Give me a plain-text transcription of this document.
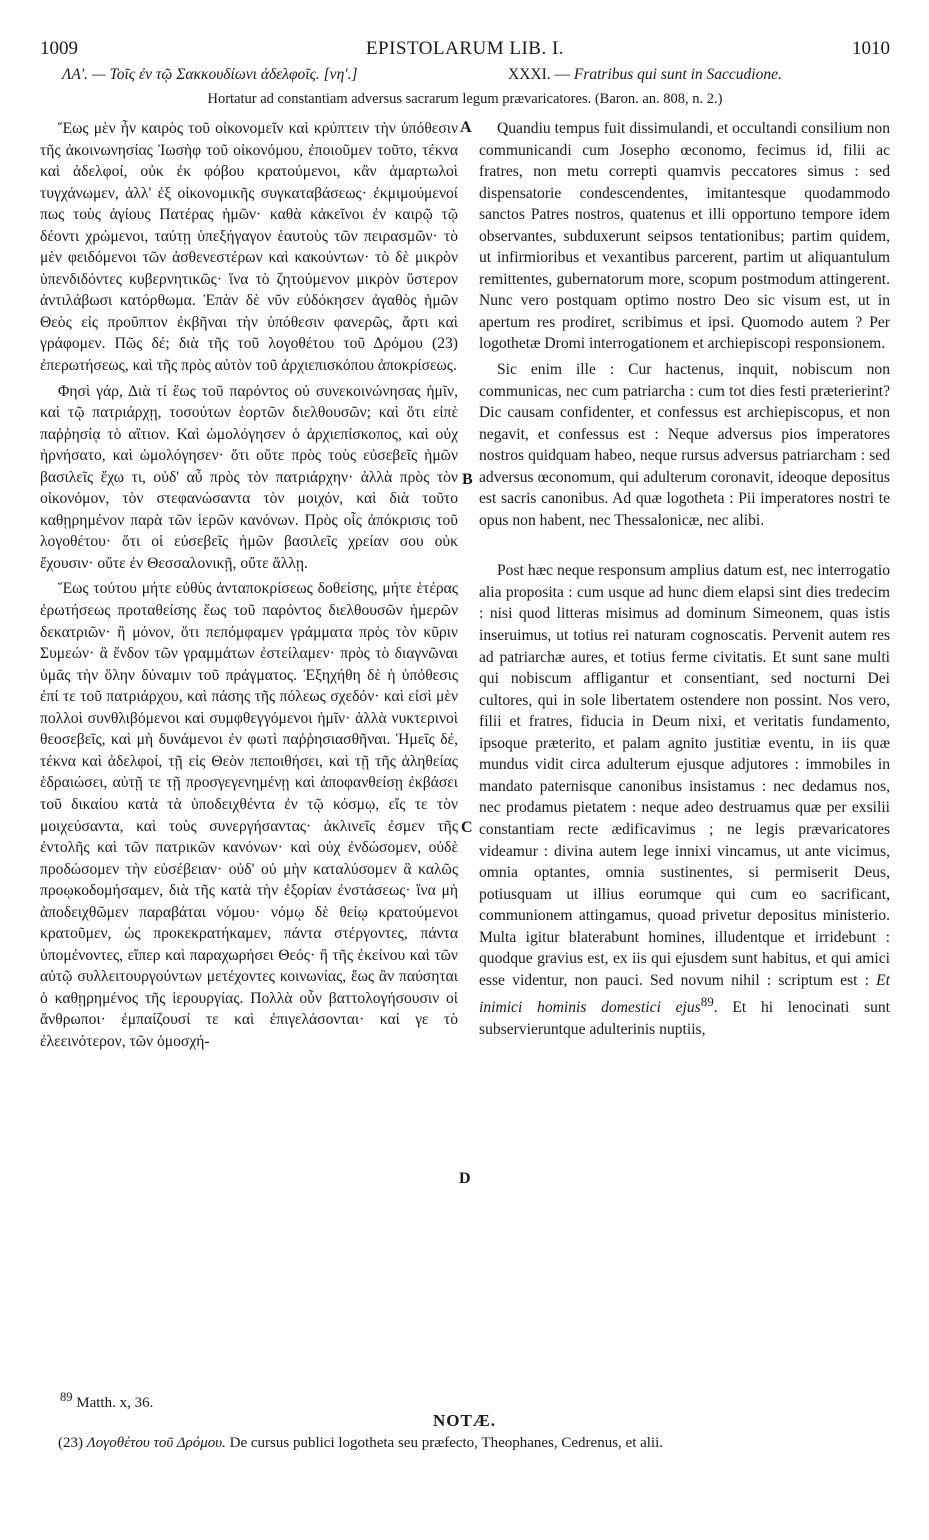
1009	EPISTOLARUM LIB. I.	1010
ΛΑ'. — Τοῖς ἐν τῷ Σακκουδίωνι ἀδελφοῖς. [νη'.]	XXXI. — Fratribus qui sunt in Saccudione.
Hortatur ad constantiam adversus sacrarum legum prævaricatores. (Baron. an. 808, n. 2.)

Ἕως μὲν ἦν καιρὸς τοῦ οἰκονομεῖν καὶ κρύπτειν τὴν ὑπόθεσιν τῆς ἀκοινωνησίας Ἰωσὴφ τοῦ οἰκονόμου, ἐποιοῦμεν τοῦτο, τέκνα καὶ ἀδελφοί, οὐκ ἐκ φόβου κρατούμενοι, κἂν ἁμαρτωλοὶ τυγχάνωμεν, ἀλλ' ἐξ οἰκονομικῆς συγκαταβάσεως· ἐκμιμούμενοί πως τοὺς ἁγίους Πατέρας ἡμῶν· καθὰ κἀκεῖνοι ἐν καιρῷ τῷ δέοντι χρώμενοι, ταύτῃ ὑπεξήγαγον ἑαυτοὺς τῶν πειρασμῶν· τὸ μὲν φειδόμενοι τῶν ἀσθενεστέρων καὶ κακούντων· τὸ δὲ μικρὸν ὑπενδιδόντες κυβερνητικῶς· ἵνα τὸ ζητούμενον μικρὸν ὕστερον ἀντιλάβωσι κατόρθωμα. Ἐπὰν δὲ νῦν εὐδόκησεν ἀγαθὸς ἡμῶν Θεὸς εἰς προῦπτον ἐκβῆναι τὴν ὑπόθεσιν φανερῶς, ἄρτι καὶ γράφομεν. Πῶς δέ; διὰ τῆς τοῦ λογοθέτου τοῦ Δρόμου (23) ἐπερωτήσεως, καὶ τῆς πρὸς αὐτὸν τοῦ ἀρχιεπισκόπου ἀποκρίσεως.

Φησὶ γάρ, Διὰ τί ἕως τοῦ παρόντος οὐ συνεκοινώνησας ἡμῖν, καὶ τῷ πατριάρχῃ, τοσούτων ἑορτῶν διελθουσῶν; καὶ ὅτι εἰπὲ παῤῥησίᾳ τὸ αἴτιον. Καὶ ὡμολόγησεν ὁ ἀρχιεπίσκοπος, καὶ οὐχ ἠρνήσατο, καὶ ὡμολόγησεν· ὅτι οὔτε πρὸς τοὺς εὐσεβεῖς ἡμῶν βασιλεῖς ἔχω τι, οὐδ' αὖ πρὸς τὸν πατριάρχην· ἀλλὰ πρὸς τὸν οἰκονόμον, τὸν στεφανώσαντα τὸν μοιχόν, καὶ διὰ τοῦτο καθῃρημένον παρὰ τῶν ἱερῶν κανόνων. Πρὸς οἷς ἀπόκρισις τοῦ λογοθέτου· ὅτι οἱ εὐσεβεῖς ἡμῶν βασιλεῖς χρείαν σου οὐκ ἔχουσιν· οὔτε ἐν Θεσσαλονικῇ, οὔτε ἄλλῃ.

Ἕως τούτου μήτε εὐθὺς ἀνταποκρίσεως δοθείσης, μήτε ἑτέρας ἐρωτήσεως προταθείσης ἕως τοῦ παρόντος διελθουσῶν ἡμερῶν δεκατριῶν· ἢ μόνον, ὅτι πεπόμφαμεν γράμματα πρὸς τὸν κῦριν Συμεών· ἃ ἔνδον τῶν γραμμάτων ἐστείλαμεν· πρὸς τὸ διαγνῶναι ὑμᾶς τὴν ὅλην δύναμιν τοῦ πράγματος. Ἐξηχήθη δὲ ἡ ὑπόθεσις ἐπί τε τοῦ πατριάρχου, καὶ πάσης τῆς πόλεως σχεδόν· καὶ εἰσὶ μὲν πολλοὶ συνθλιβόμενοι καὶ συμφθεγγόμενοι ἡμῖν· ἀλλὰ νυκτερινοὶ θεοσεβεῖς, καὶ μὴ δυνάμενοι ἐν φωτὶ παῤῥησιασθῆναι. Ἡμεῖς δέ, τέκνα καὶ ἀδελφοί, τῇ εἰς Θεὸν πεποιθήσει, καὶ τῇ τῆς ἀληθείας ἑδραιώσει, αὐτῇ τε τῇ προσγεγενημένῃ καὶ ἀποφανθείσῃ ἐκβάσει τοῦ δικαίου κατὰ τὰ ὑποδειχθέντα ἐν τῷ κόσμῳ, εἴς τε τὸν μοιχεύσαντα, καὶ τοὺς συνεργήσαντας· ἀκλινεῖς ἐσμεν τῆς ἐντολῆς καὶ τῶν πατρικῶν κανόνων· καὶ οὐχ ἐνδώσομεν, οὐδὲ προδώσομεν τὴν εὐσέβειαν· οὐδ' οὐ μὴν καταλύσομεν ἃ καλῶς προῳκοδομήσαμεν, διὰ τῆς κατὰ τὴν ἐξορίαν ἐνστάσεως· ἵνα μὴ ἀποδειχθῶμεν παραβάται νόμου· νόμῳ δὲ θείῳ κρατούμενοι κρατοῦμεν, ὡς προκεκρατήκαμεν, πάντα στέργοντες, πάντα ὑπομένοντες, εἴπερ καὶ παραχωρήσει Θεός· ἢ τῆς ἐκείνου καὶ τῶν αὐτῷ συλλειτουργούντων μετέχοντες κοινωνίας, ἕως ἂν παύσηται ὁ καθῃρημένος τῆς ἱερουργίας. Πολλὰ οὖν βαττολογήσουσιν οἱ ἄνθρωποι· ἐμπαίζουσί τε καὶ ἐπιγελάσονται· καί γε τὸ ἐλεεινότερον, τῶν ὁμοσχή-

A
B
C
D

Quandiu tempus fuit dissimulandi, et occultandi consilium non communicandi cum Josepho œconomo, fecimus id, filii ac fratres, non metu correpti quamvis peccatores simus : sed dispensatorie condescendentes, imitantesque quodammodo sanctos Patres nostros, quatenus et illi opportuno tempore idem observantes, subduxerunt seipsos tentationibus; partim quidem, ut infirmioribus et vexantibus parcerent, partim ut aliquantulum remittentes, gubernatorum more, scopum postmodum attingerent. Nunc vero postquam optimo nostro Deo sic visum est, ut in apertum res prodiret, scribimus et ipsi. Quomodo autem ? Per logothetæ Dromi interrogationem et archiepiscopi responsionem.

Sic enim ille : Cur hactenus, inquit, nobiscum non communicas, nec cum patriarcha : cum tot dies festi præterierint? Dic causam confidenter, et confessus est archiepiscopus, et non negavit, et confessus est : Neque adversus pios imperatores nostros quidquam habeo, neque rursus adversus patriarcham : sed adversus œconomum, qui adulterum coronavit, ideoque depositus est sacris canonibus. Ad quæ logotheta : Pii imperatores nostri te opus non habent, nec Thessalonicæ, nec alibi.

Post hæc neque responsum amplius datum est, nec interrogatio alia proposita : cum usque ad hunc diem elapsi sint dies tredecim : nisi quod litteras misimus ad dominum Simeonem, quas istis inseruimus, ut totius rei naturam cognoscatis. Pervenit autem res ad patriarchæ aures, et totius ferme civitatis. Et sunt sane multi qui nobiscum affligantur et consentiant, sed nocturni Dei cultores, qui in sole libertatem ostendere non possint. Nos vero, filii et fratres, fiducia in Deum nixi, et veritatis fundamento, ipsoque præterito, et palam agnito justitiæ eventu, in iis quæ mundus vidit circa adulterum ejusque adjutores : immobiles in mandato paternisque canonibus insistamus : nec dedamus nos, nec prodamus pietatem : neque adeo destruamus quæ per exsilii constantiam recte ædificavimus ; ne legis prævaricatores videamur : divina autem lege innixi vincamus, ut ante vicimus, omnia optantes, omnia sustinentes, si permiserit Deus, potiusquam ut illius eorumque qui cum eo sacrificant, communionem attingamus, quoad privetur depositus ministerio. Multa igitur blaterabunt homines, illudentque et irridebunt : quodque gravius est, ex iis qui ejusdem sunt habitus, et qui amici esse videntur, non pauci. Sed novum nihil : scriptum est : Et inimici hominis domestici ejus$^{89}$. Et hi lenocinati sunt subservieruntque adulterinis nuptiis,

$^{89}$ Matth. x, 36.
NOTÆ.
(23) Λογοθέτου τοῦ Δρόμου. De cursus publici logotheta seu præfecto, Theophanes, Cedrenus, et alii.
